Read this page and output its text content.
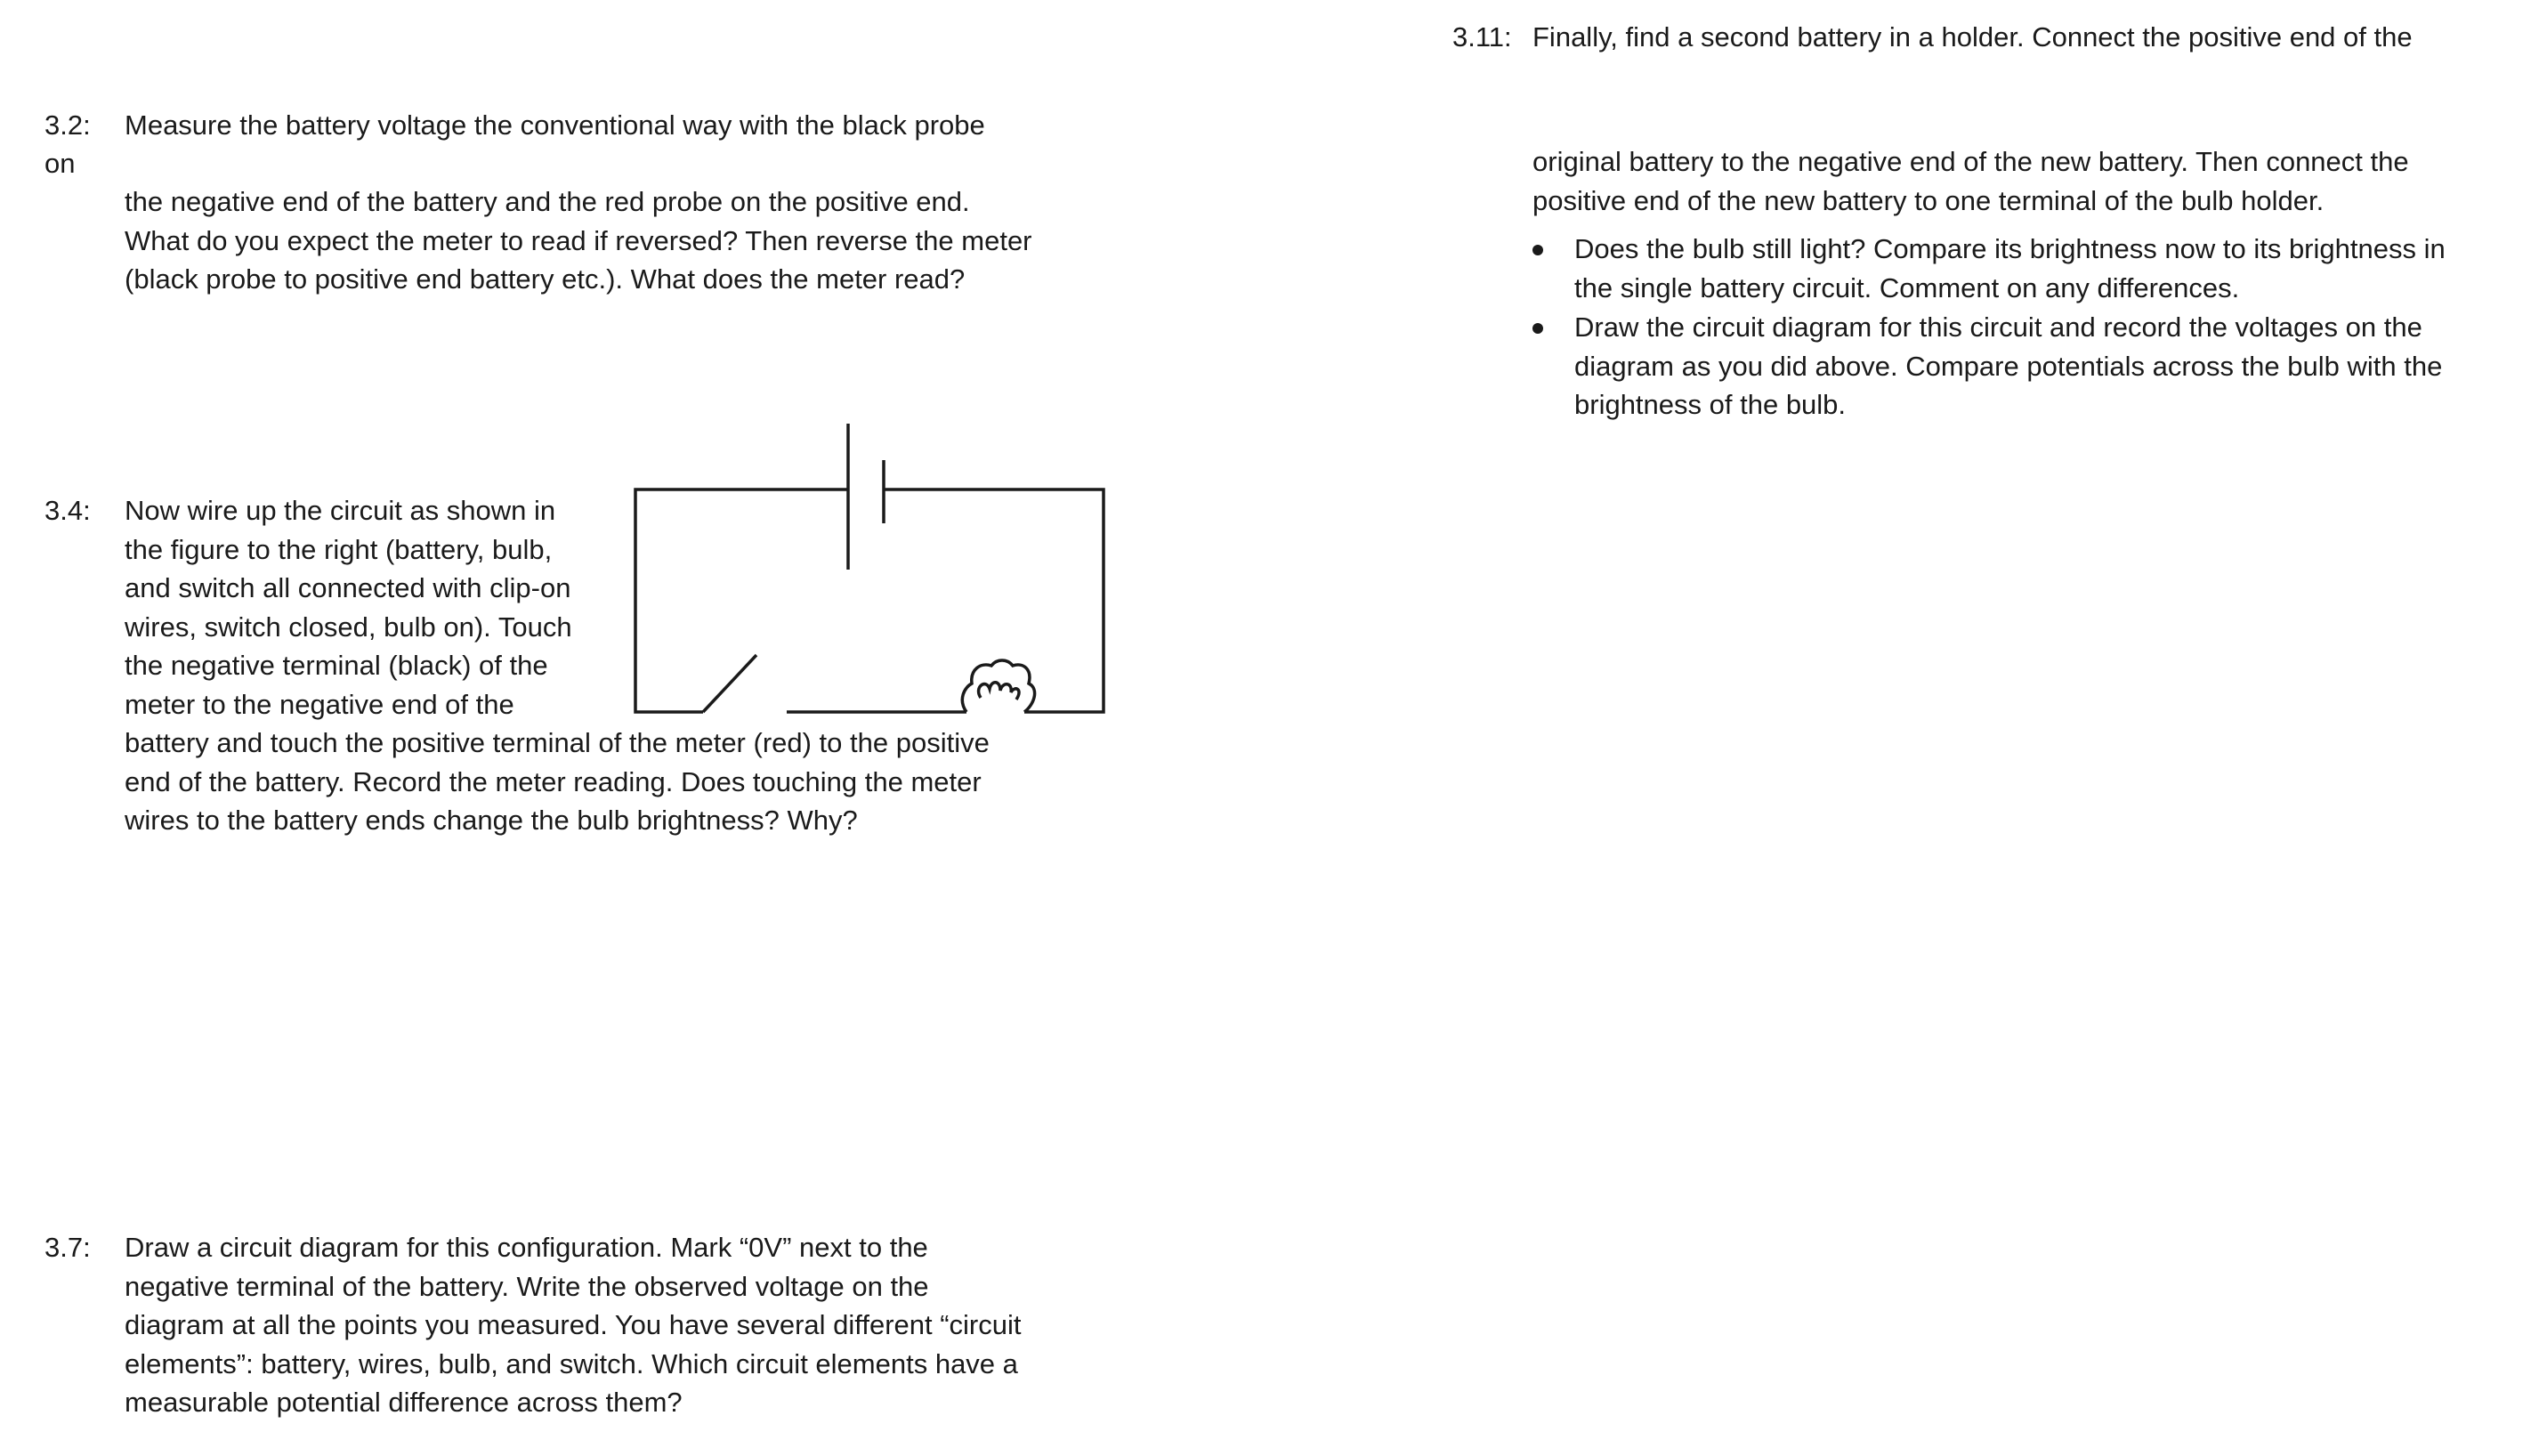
3.2: Measure the battery voltage the conventional way with the black probe
on
the negative end of the battery and the red probe on the positive end.
What do you expect the meter to read if reversed? Then reverse the meter
(black probe to positive end battery etc.). What does the meter read?
3.4: Now wire up the circuit as shown in
the figure to the right (battery, bulb,
and switch all connected with clip-on
wires, switch closed, bulb on). Touch
the negative terminal (black) of the
meter to the negative end of the
battery and touch the positive terminal of the meter (red) to the positive
end of the battery. Record the meter reading. Does touching the meter
wires to the battery ends change the bulb brightness? Why?
3.7: Draw a circuit diagram for this configuration. Mark “0V” next to the
negative terminal of the battery. Write the observed voltage on the
diagram at all the points you measured. You have several different “circuit
elements”: battery, wires, bulb, and switch. Which circuit elements have a
measurable potential difference across them?
3.11: Finally, find a second battery in a holder. Connect the positive end of the
original battery to the negative end of the new battery. Then connect the
positive end of the new battery to one terminal of the bulb holder.
Does the bulb still light? Compare its brightness now to its brightness in
the single battery circuit. Comment on any differences.
Draw the circuit diagram for this circuit and record the voltages on the
diagram as you did above. Compare potentials across the bulb with the
brightness of the bulb.
